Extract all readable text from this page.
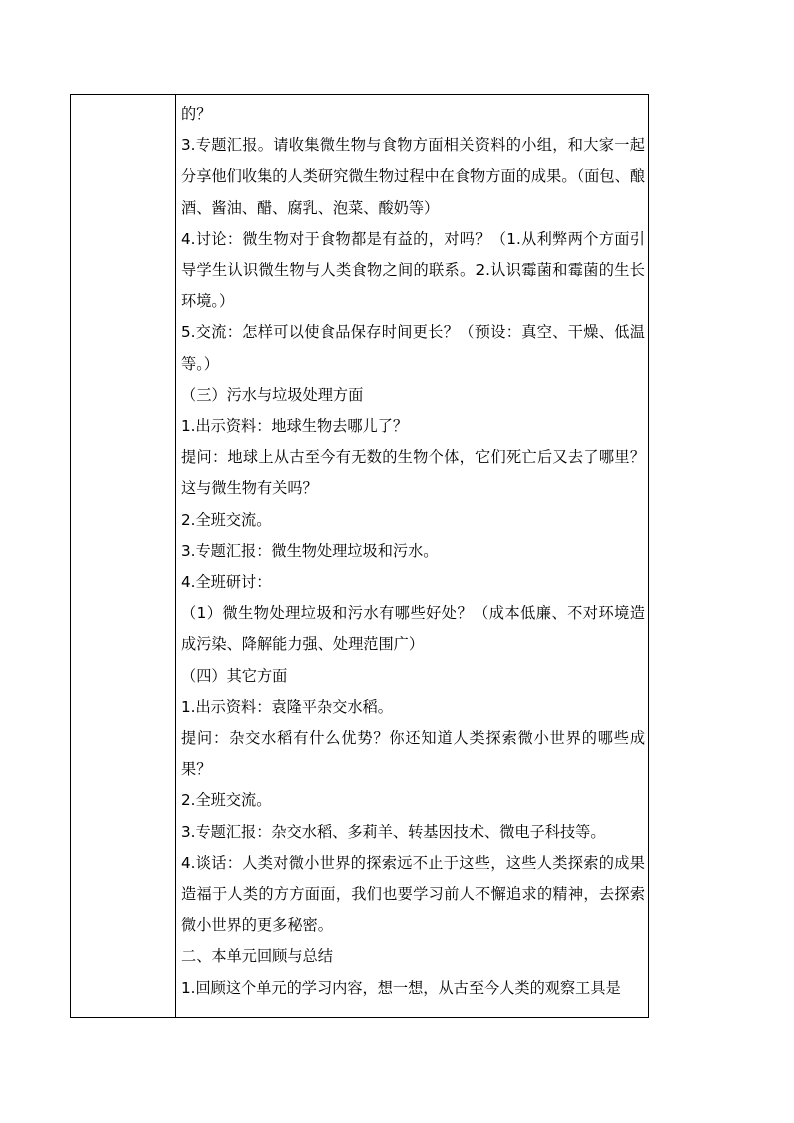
的？

3.专题汇报。请收集微生物与食物方面相关资料的小组，和大家一起分享他们收集的人类研究微生物过程中在食物方面的成果。（面包、酿酒、酱油、醋、腐乳、泡菜、酸奶等）

4.讨论：微生物对于食物都是有益的，对吗？（1.从利弊两个方面引导学生认识微生物与人类食物之间的联系。2.认识霉菌和霉菌的生长环境。）

5.交流：怎样可以使食品保存时间更长？（预设：真空、干燥、低温等。）

（三）污水与垃圾处理方面

1.出示资料：地球生物去哪儿了？

提问：地球上从古至今有无数的生物个体，它们死亡后又去了哪里？这与微生物有关吗？

2.全班交流。

3.专题汇报：微生物处理垃圾和污水。

4.全班研讨：

（1）微生物处理垃圾和污水有哪些好处？（成本低廉、不对环境造成污染、降解能力强、处理范围广）

（四）其它方面

1.出示资料：袁隆平杂交水稻。

提问：杂交水稻有什么优势？你还知道人类探索微小世界的哪些成果？

2.全班交流。

3.专题汇报：杂交水稻、多莉羊、转基因技术、微电子科技等。

4.谈话：人类对微小世界的探索远不止于这些，这些人类探索的成果造福于人类的方方面面，我们也要学习前人不懈追求的精神，去探索微小世界的更多秘密。

二、本单元回顾与总结

1.回顾这个单元的学习内容，想一想，从古至今人类的观察工具是
